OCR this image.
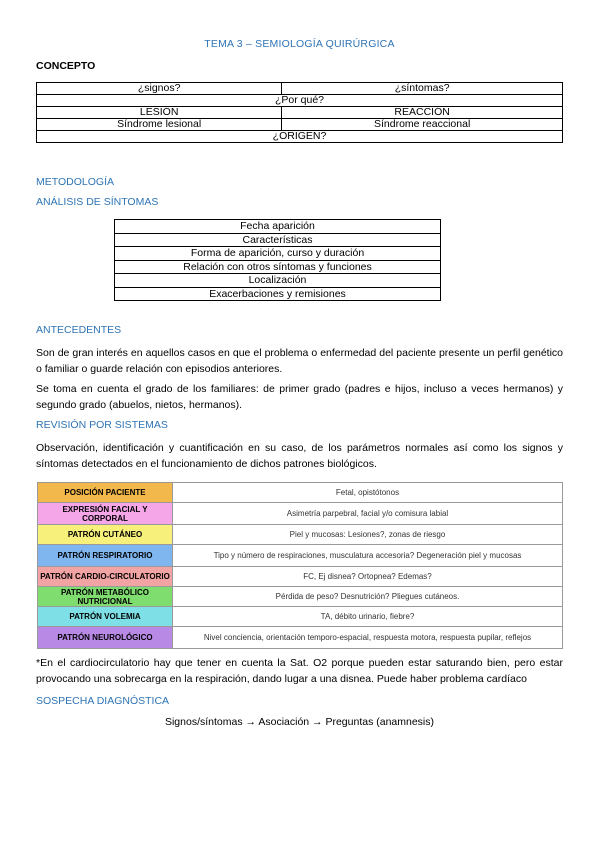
TEMA 3 – SEMIOLOGÍA QUIRÚRGICA
CONCEPTO
¿signos?	¿síntomas?
¿Por qué?	
LESIÓN	REACCIÓN
Síndrome lesional	Síndrome reaccional
¿ORIGEN?	
METODOLOGÍA
ANÁLISIS DE SÍNTOMAS
Fecha aparición
Características
Forma de aparición, curso y duración
Relación con otros síntomas y funciones
Localización
Exacerbaciones y remisiones
ANTECEDENTES
Son de gran interés en aquellos casos en que el problema o enfermedad del paciente presente un perfil genético o familiar o guarde relación con episodios anteriores.
Se toma en cuenta el grado de los familiares: de primer grado (padres e hijos, incluso a veces hermanos) y segundo grado (abuelos, nietos, hermanos).
REVISIÓN POR SISTEMAS
Observación, identificación y cuantificación en su caso, de los parámetros normales así como los signos y síntomas detectados en el funcionamiento de dichos patrones biológicos.
POSICIÓN PACIENTE	Fetal, opistótonos
EXPRESIÓN FACIAL Y CORPORAL	Asimetría parpebral, facial y/o comisura labial
PATRÓN CUTÁNEO	Piel y mucosas: Lesiones?, zonas de riesgo
PATRÓN RESPIRATORIO	Tipo y número de respiraciones, musculatura accesoria? Degeneración piel y mucosas
PATRÓN CARDIO-CIRCULATORIO	FC, Ej disnea? Ortopnea? Edemas?
PATRÓN METABÓLICO NUTRICIONAL	Pérdida de peso? Desnutrición? Pliegues cutáneos.
PATRÓN VOLEMIA	TA, débito urinario, fiebre?
PATRÓN NEUROLÓGICO	Nivel conciencia, orientación temporo-espacial, respuesta motora, respuesta pupilar, reflejos
*En el cardiocirculatorio hay que tener en cuenta la Sat. O2 porque pueden estar saturando bien, pero estar provocando una sobrecarga en la respiración, dando lugar a una disnea. Puede haber problema cardíaco
SOSPECHA DIAGNÓSTICA
Signos/síntomas → Asociación → Preguntas (anamnesis)
